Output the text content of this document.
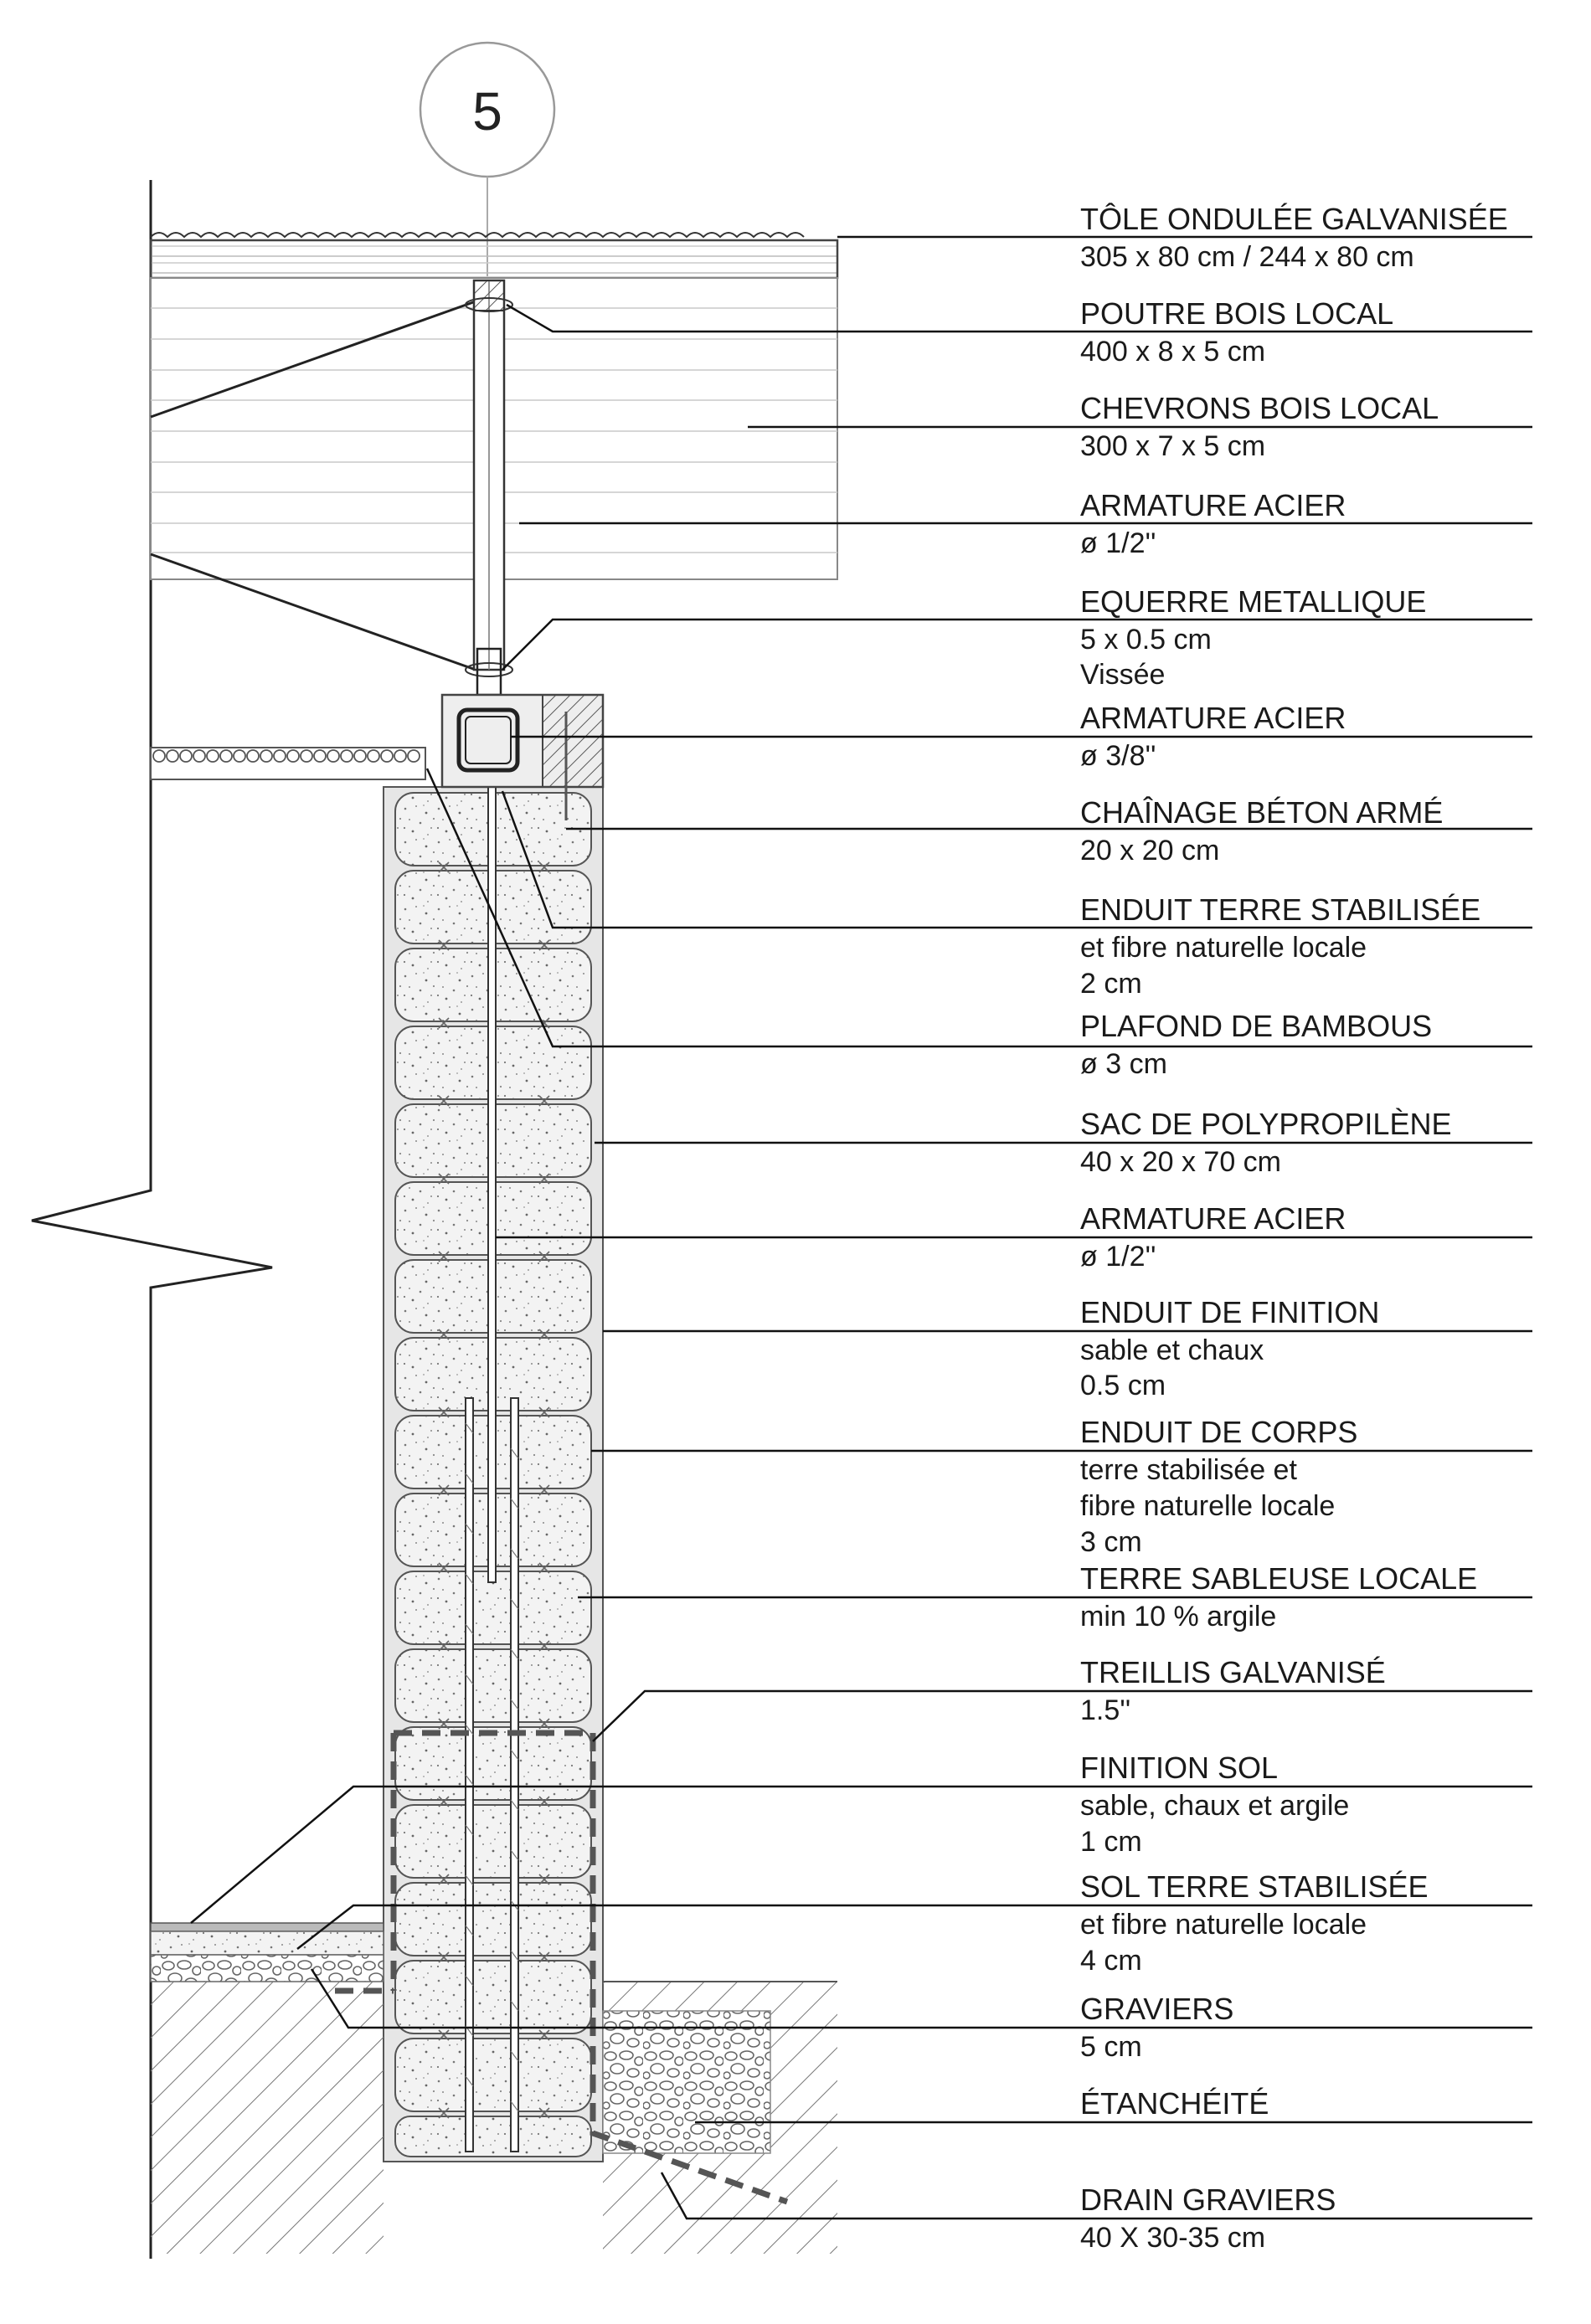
5
TÔLE ONDULÉE GALVANISÉE
305 x 80 cm / 244 x 80 cm
POUTRE BOIS LOCAL
400 x 8 x 5 cm
CHEVRONS BOIS LOCAL
300 x 7 x 5 cm
ARMATURE ACIER
ø 1/2''
EQUERRE METALLIQUE
5 x 0.5 cm
Vissée
ARMATURE ACIER
ø 3/8''
CHAÎNAGE BÉTON ARMÉ
20 x 20 cm
ENDUIT TERRE STABILISÉE
et fibre naturelle locale
2 cm
PLAFOND DE BAMBOUS
ø 3 cm
SAC DE POLYPROPILÈNE
40 x 20 x 70 cm
ARMATURE ACIER
ø 1/2''
ENDUIT DE FINITION
sable et chaux
0.5 cm
ENDUIT DE CORPS
terre stabilisée et
fibre naturelle locale
3 cm
TERRE SABLEUSE LOCALE
min 10 % argile
TREILLIS GALVANISÉ
1.5''
FINITION SOL
sable, chaux et argile
1 cm
SOL TERRE STABILISÉE
et fibre naturelle locale
4 cm
GRAVIERS
5 cm
ÉTANCHÉITÉ
DRAIN GRAVIERS
40 X 30-35 cm
